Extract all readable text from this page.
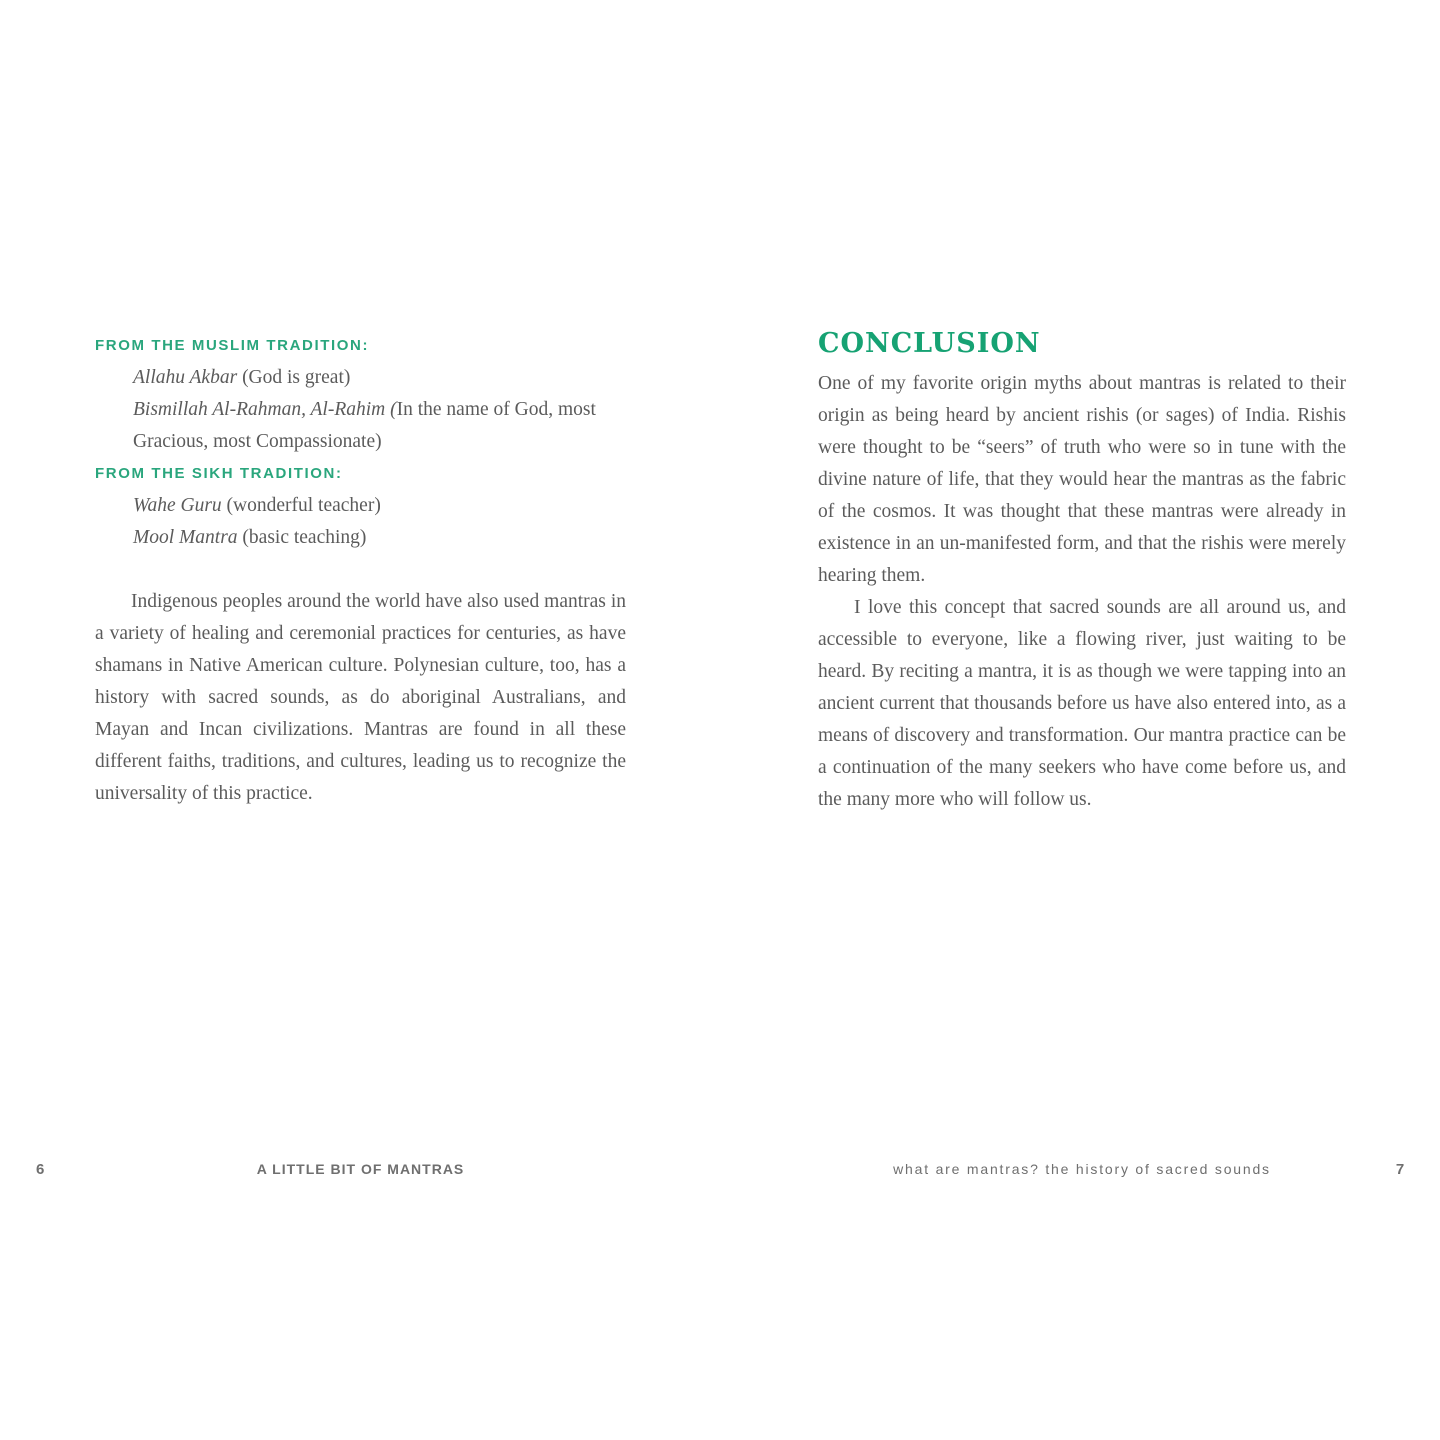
FROM THE MUSLIM TRADITION:

Allahu Akbar (God is great)

Bismillah Al-Rahman, Al-Rahim (In the name of God, most Gracious, most Compassionate)

FROM THE SIKH TRADITION:

Wahe Guru (wonderful teacher)

Mool Mantra (basic teaching)

Indigenous peoples around the world have also used mantras in a variety of healing and ceremonial practices for centuries, as have shamans in Native American culture. Polynesian culture, too, has a history with sacred sounds, as do aboriginal Australians, and Mayan and Incan civilizations. Mantras are found in all these different faiths, traditions, and cultures, leading us to recognize the universality of this practice.

CONCLUSION

One of my favorite origin myths about mantras is related to their origin as being heard by ancient rishis (or sages) of India. Rishis were thought to be “seers” of truth who were so in tune with the divine nature of life, that they would hear the mantras as the fabric of the cosmos. It was thought that these mantras were already in existence in an un-manifested form, and that the rishis were merely hearing them.

I love this concept that sacred sounds are all around us, and accessible to everyone, like a flowing river, just waiting to be heard. By reciting a mantra, it is as though we were tapping into an ancient current that thousands before us have also entered into, as a means of discovery and transformation. Our mantra practice can be a continuation of the many seekers who have come before us, and the many more who will follow us.

6	A LITTLE BIT OF MANTRAS	what are mantras? the history of sacred sounds	7
